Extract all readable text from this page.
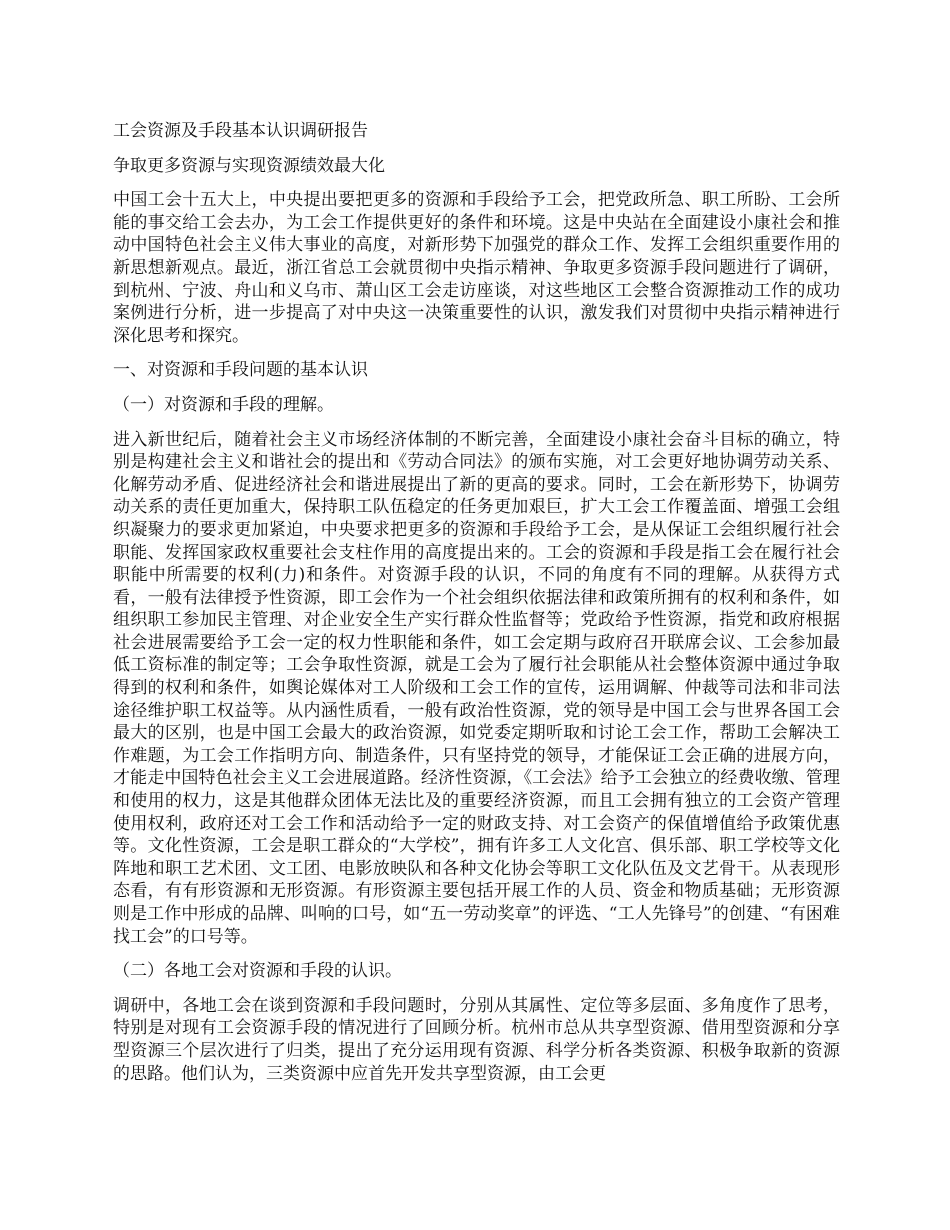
工会资源及手段基本认识调研报告

争取更多资源与实现资源绩效最大化

中国工会十五大上，中央提出要把更多的资源和手段给予工会，把党政所急、职工所盼、工会所能的事交给工会去办，为工会工作提供更好的条件和环境。这是中央站在全面建设小康社会和推动中国特色社会主义伟大事业的高度，对新形势下加强党的群众工作、发挥工会组织重要作用的新思想新观点。最近，浙江省总工会就贯彻中央指示精神、争取更多资源手段问题进行了调研，到杭州、宁波、舟山和义乌市、萧山区工会走访座谈，对这些地区工会整合资源推动工作的成功案例进行分析，进一步提高了对中央这一决策重要性的认识，激发我们对贯彻中央指示精神进行深化思考和探究。

一、对资源和手段问题的基本认识

（一）对资源和手段的理解。

进入新世纪后，随着社会主义市场经济体制的不断完善，全面建设小康社会奋斗目标的确立，特别是构建社会主义和谐社会的提出和《劳动合同法》的颁布实施，对工会更好地协调劳动关系、化解劳动矛盾、促进经济社会和谐进展提出了新的更高的要求。同时，工会在新形势下，协调劳动关系的责任更加重大，保持职工队伍稳定的任务更加艰巨，扩大工会工作覆盖面、增强工会组织凝聚力的要求更加紧迫，中央要求把更多的资源和手段给予工会，是从保证工会组织履行社会职能、发挥国家政权重要社会支柱作用的高度提出来的。工会的资源和手段是指工会在履行社会职能中所需要的权利(力)和条件。对资源手段的认识，不同的角度有不同的理解。从获得方式看，一般有法律授予性资源，即工会作为一个社会组织依据法律和政策所拥有的权利和条件，如组织职工参加民主管理、对企业安全生产实行群众性监督等；党政给予性资源，指党和政府根据社会进展需要给予工会一定的权力性职能和条件，如工会定期与政府召开联席会议、工会参加最低工资标准的制定等；工会争取性资源，就是工会为了履行社会职能从社会整体资源中通过争取得到的权利和条件，如舆论媒体对工人阶级和工会工作的宣传，运用调解、仲裁等司法和非司法途径维护职工权益等。从内涵性质看，一般有政治性资源，党的领导是中国工会与世界各国工会最大的区别，也是中国工会最大的政治资源，如党委定期听取和讨论工会工作，帮助工会解决工作难题，为工会工作指明方向、制造条件，只有坚持党的领导，才能保证工会正确的进展方向，才能走中国特色社会主义工会进展道路。经济性资源，《工会法》给予工会独立的经费收缴、管理和使用的权力，这是其他群众团体无法比及的重要经济资源，而且工会拥有独立的工会资产管理使用权利，政府还对工会工作和活动给予一定的财政支持、对工会资产的保值增值给予政策优惠等。文化性资源，工会是职工群众的“大学校”，拥有许多工人文化宫、俱乐部、职工学校等文化阵地和职工艺术团、文工团、电影放映队和各种文化协会等职工文化队伍及文艺骨干。从表现形态看，有有形资源和无形资源。有形资源主要包括开展工作的人员、资金和物质基础；无形资源则是工作中形成的品牌、叫响的口号，如“五一劳动奖章”的评选、“工人先锋号”的创建、“有困难找工会”的口号等。

（二）各地工会对资源和手段的认识。

调研中，各地工会在谈到资源和手段问题时，分别从其属性、定位等多层面、多角度作了思考，特别是对现有工会资源手段的情况进行了回顾分析。杭州市总从共享型资源、借用型资源和分享型资源三个层次进行了归类，提出了充分运用现有资源、科学分析各类资源、积极争取新的资源的思路。他们认为，三类资源中应首先开发共享型资源，由工会更
